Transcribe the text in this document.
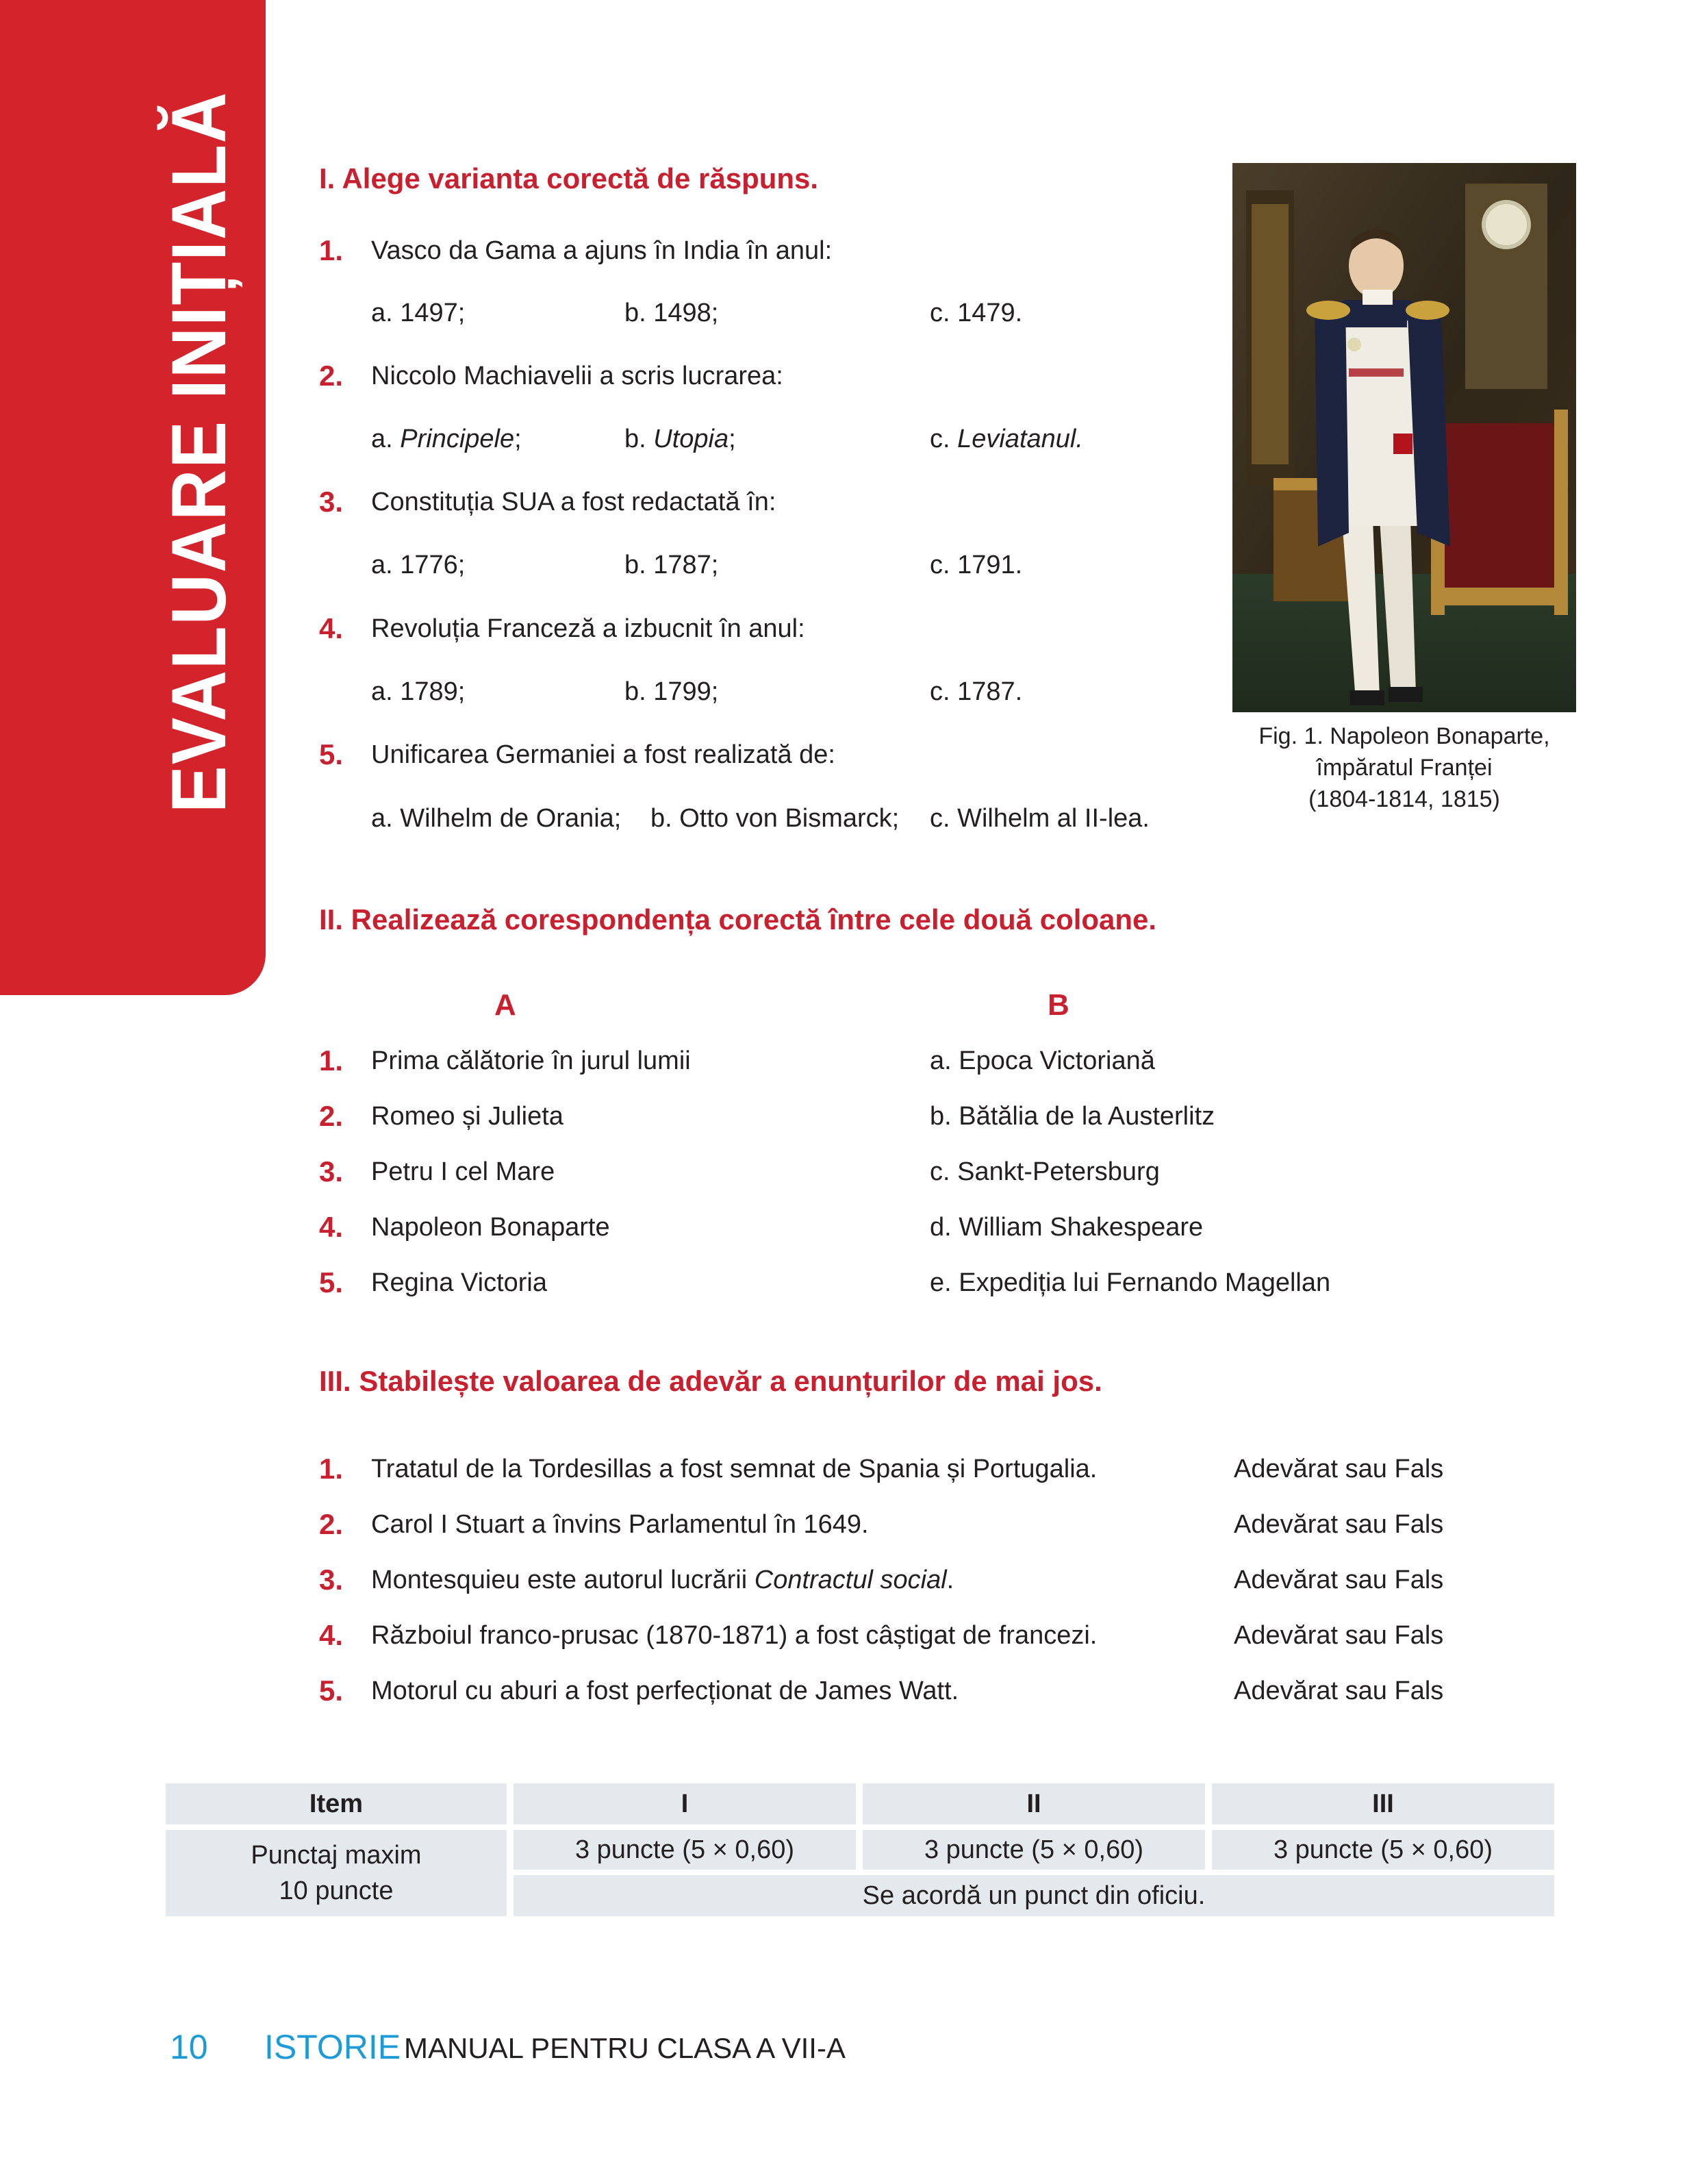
EVALUARE INIȚIALĂ	I. Alege varianta corectă de răspuns.
1. Vasco da Gama a ajuns în India în anul:
a. 1497;	b. 1498;	c. 1479.
2. Niccolo Machiavelii a scris lucrarea:
a. Principele;	b. Utopia;	c. Leviatanul.
3. Constituția SUA a fost redactată în:
a. 1776;	b. 1787;	c. 1791.
4. Revoluția Franceză a izbucnit în anul:
a. 1789;	b. 1799;	c. 1787.
5. Unificarea Germaniei a fost realizată de:
a. Wilhelm de Orania; b. Otto von Bismarck; c. Wilhelm al II-lea.
Fig. 1. Napoleon Bonaparte,
împăratul Franței
(1804-1814, 1815)
II. Realizează corespondența corectă între cele două coloane.
A	B
1. Prima călătorie în jurul lumii	a. Epoca Victoriană
2. Romeo și Julieta	b. Bătălia de la Austerlitz
3. Petru I cel Mare	c. Sankt-Petersburg
4. Napoleon Bonaparte	d. William Shakespeare
5. Regina Victoria	e. Expediția lui Fernando Magellan
III. Stabilește valoarea de adevăr a enunțurilor de mai jos.
1. Tratatul de la Tordesillas a fost semnat de Spania și Portugalia.	Adevărat sau Fals
2. Carol I Stuart a învins Parlamentul în 1649.	Adevărat sau Fals
3. Montesquieu este autorul lucrării Contractul social.	Adevărat sau Fals
4. Războiul franco-prusac (1870-1871) a fost câștigat de francezi.	Adevărat sau Fals
5. Motorul cu aburi a fost perfecționat de James Watt.	Adevărat sau Fals
Item	I	II	III
Punctaj maxim
10 puncte
3 puncte (5 × 0,60)	3 puncte (5 × 0,60)	3 puncte (5 × 0,60)
Se acordă un punct din oficiu.
10 ISTORIE MANUAL PENTRU CLASA A VII-A
